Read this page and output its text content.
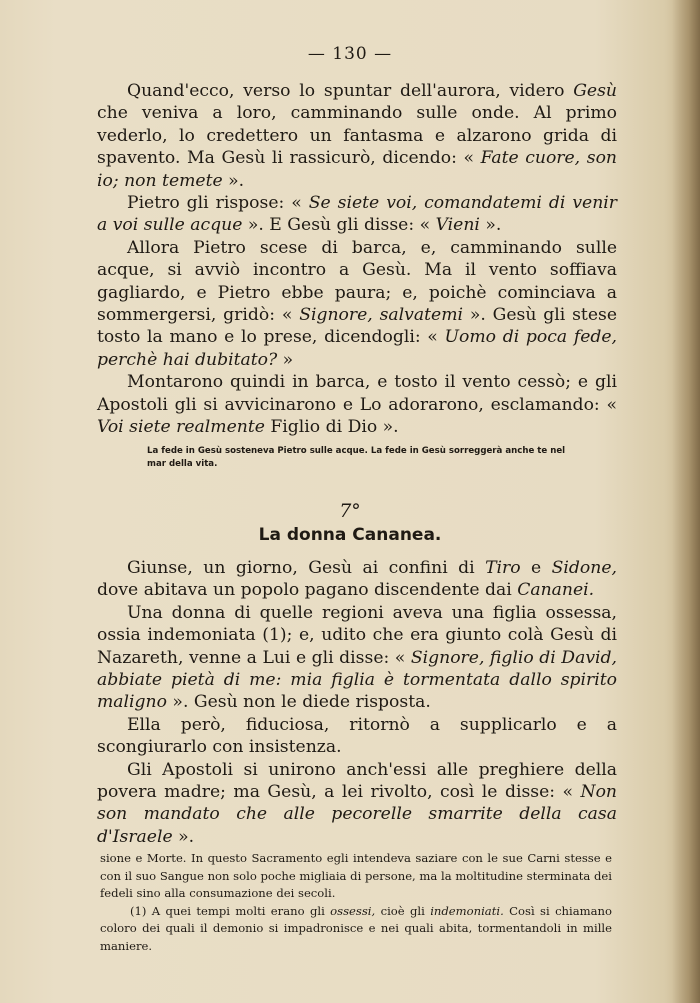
— 130 —

Quand'ecco, verso lo spuntar dell'aurora, videro Gesù che veniva a loro, camminando sulle onde. Al primo vederlo, lo credettero un fantasma e alzarono grida di spavento. Ma Gesù li rassicurò, dicendo: « Fate cuore, son io; non temete ».

Pietro gli rispose: « Se siete voi, comandatemi di venir a voi sulle acque ». E Gesù gli disse: « Vieni ».

Allora Pietro scese di barca, e, camminando sulle acque, si avviò incontro a Gesù. Ma il vento soffiava gagliardo, e Pietro ebbe paura; e, poichè cominciava a sommergersi, gridò: « Signore, salvatemi ». Gesù gli stese tosto la mano e lo prese, dicendogli: « Uomo di poca fede, perchè hai dubitato? »

Montarono quindi in barca, e tosto il vento cessò; e gli Apostoli gli si avvicinarono e Lo adorarono, esclamando: « Voi siete realmente Figlio di Dio ».

La fede in Gesù sosteneva Pietro sulle acque. La fede in Gesù sorreggerà anche te nel mar della vita.
7°
La donna Cananea.

Giunse, un giorno, Gesù ai confini di Tiro e Sidone, dove abitava un popolo pagano discendente dai Cananei.

Una donna di quelle regioni aveva una figlia ossessa, ossia indemoniata (1); e, udito che era giunto colà Gesù di Nazareth, venne a Lui e gli disse: « Signore, figlio di David, abbiate pietà di me: mia figlia è tormentata dallo spirito maligno ». Gesù non le diede risposta.

Ella però, fiduciosa, ritornò a supplicarlo e a scongiurarlo con insistenza.

Gli Apostoli si unirono anch'essi alle preghiere della povera madre; ma Gesù, a lei rivolto, così le disse: « Non son mandato che alle pecorelle smarrite della casa d'Israele ».

sione e Morte. In questo Sacramento egli intendeva saziare con le sue Carni stesse e con il suo Sangue non solo poche migliaia di persone, ma la moltitudine sterminata dei fedeli sino alla consumazione dei secoli.

(1) A quei tempi molti erano gli ossessi, cioè gli indemoniati. Così si chiamano coloro dei quali il demonio si impadronisce e nei quali abita, tormentandoli in mille maniere.
